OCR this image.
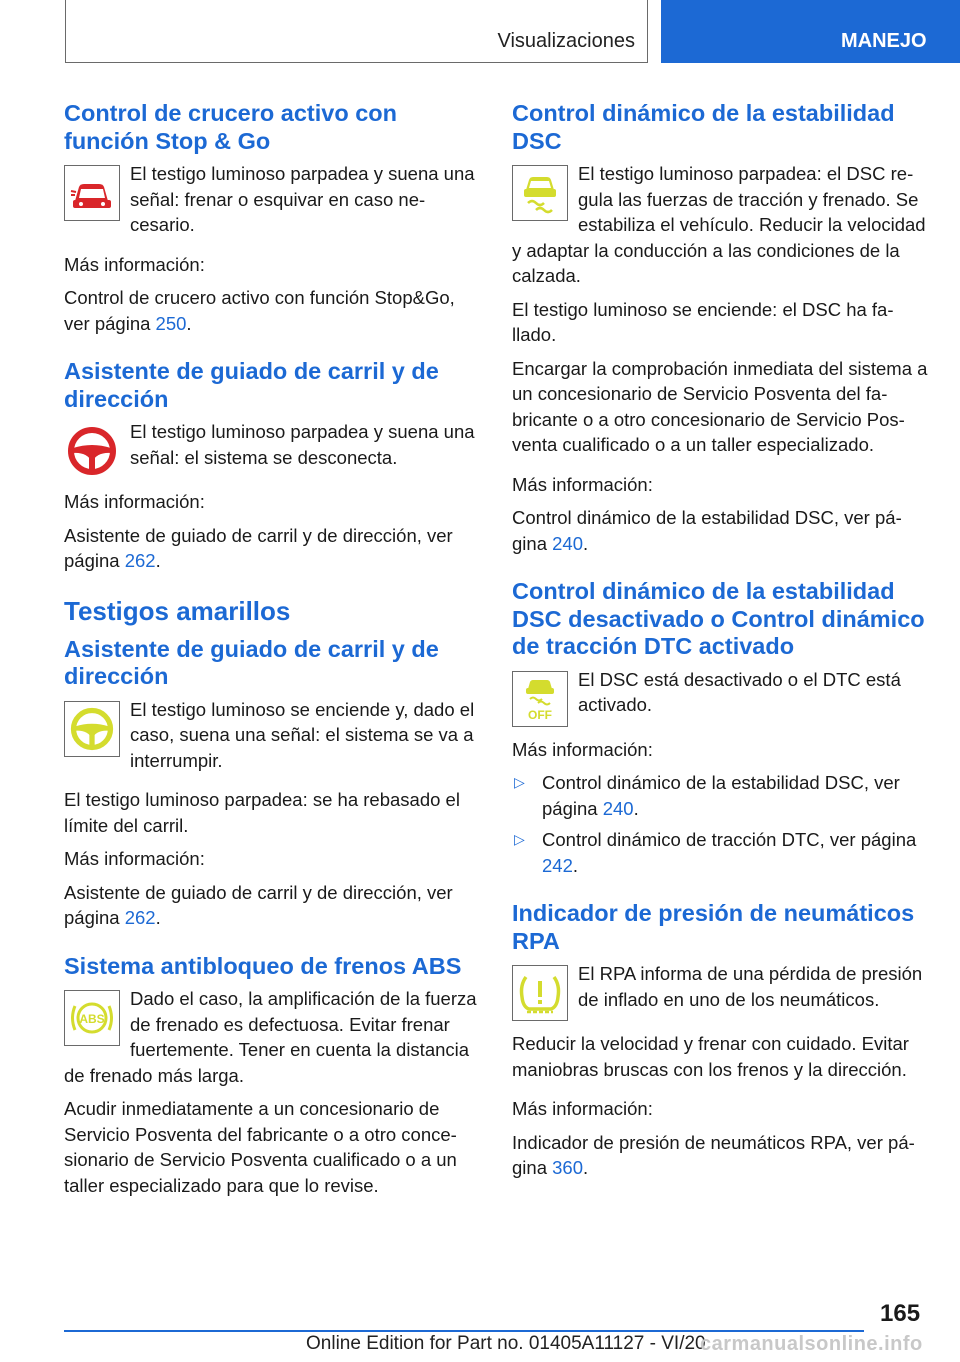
Visualizaciones	MANEJO
Control de crucero activo con función Stop & Go

El testigo luminoso parpadea y suena una señal: frenar o esquivar en caso necesario.

Más información:

Control de crucero activo con función Stop&Go, ver página 250.

Asistente de guiado de carril y de dirección

El testigo luminoso parpadea y suena una señal: el sistema se desconecta.

Más información:

Asistente de guiado de carril y de dirección, ver página 262.

Testigos amarillos
Asistente de guiado de carril y de dirección

El testigo luminoso se enciende y, dado el caso, suena una señal: el sistema se va a interrumpir.

El testigo luminoso parpadea: se ha rebasado el límite del carril.

Más información:

Asistente de guiado de carril y de dirección, ver página 262.

Sistema antibloqueo de frenos ABS
ABS

Dado el caso, la amplificación de la fuerza de frenado es defectuosa. Evitar frenar fuertemente. Tener en cuenta la distancia de frenado más larga.

Acudir inmediatamente a un concesionario de Servicio Posventa del fabricante o a otro concesionario de Servicio Posventa cualificado o a un taller especializado para que lo revise.

Control dinámico de la estabilidad DSC

El testigo luminoso parpadea: el DSC regula las fuerzas de tracción y frenado. Se estabiliza el vehículo. Reducir la velocidad y adaptar la conducción a las condiciones de la calzada.

El testigo luminoso se enciende: el DSC ha fallado.

Encargar la comprobación inmediata del sistema a un concesionario de Servicio Posventa del fabricante o a otro concesionario de Servicio Posventa cualificado o a un taller especializado.

Más información:

Control dinámico de la estabilidad DSC, ver página 240.

Control dinámico de la estabilidad DSC desactivado o Control dinámico de tracción DTC activado
OFF

El DSC está desactivado o el DTC está activado.

Más información:

▷ Control dinámico de la estabilidad DSC, ver página 240.
▷ Control dinámico de tracción DTC, ver página 242.
Indicador de presión de neumáticos RPA

El RPA informa de una pérdida de presión de inflado en uno de los neumáticos.

Reducir la velocidad y frenar con cuidado. Evitar maniobras bruscas con los frenos y la dirección.

Más información:

Indicador de presión de neumáticos RPA, ver página 360.

165
Online Edition for Part no. 01405A11127 - VI/20
carmanualsonline.info
